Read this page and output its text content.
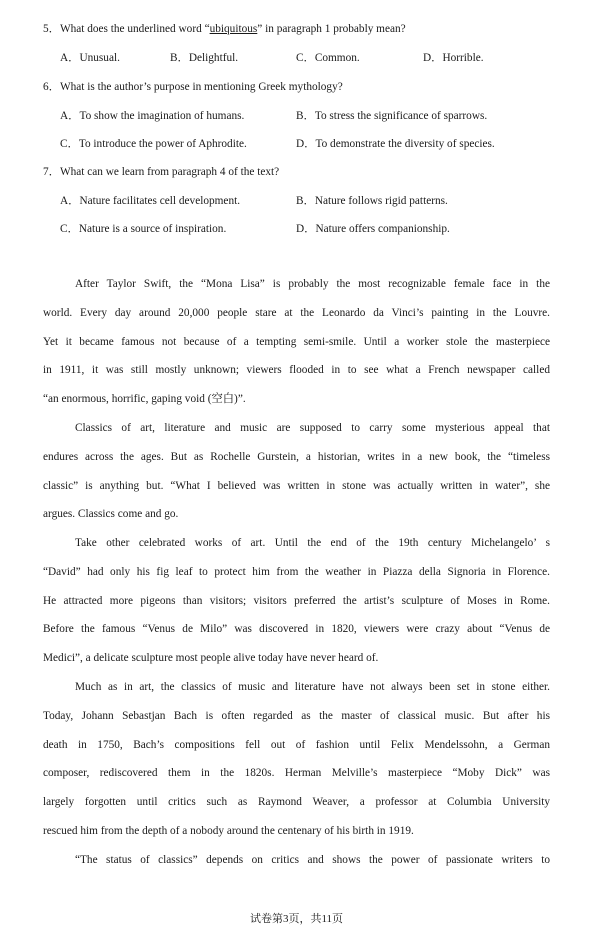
5．What does the underlined word “ubiquitous” in paragraph 1 probably mean?
A．Unusual.	B．Delightful.	C．Common.	D．Horrible.
6．What is the author’s purpose in mentioning Greek mythology?
A．To show the imagination of humans.	B．To stress the significance of sparrows.
C．To introduce the power of Aphrodite.	D．To demonstrate the diversity of species.
7．What can we learn from paragraph 4 of the text?
A．Nature facilitates cell development.	B．Nature follows rigid patterns.
C．Nature is a source of inspiration.	D．Nature offers companionship.
After Taylor Swift, the “Mona Lisa” is probably the most recognizable female face in the
world. Every day around 20,000 people stare at the Leonardo da Vinci’s painting in the Louvre.
Yet it became famous not because of a tempting semi-smile. Until a worker stole the masterpiece
in 1911, it was still mostly unknown; viewers flooded in to see what a French newspaper called
“an enormous, horrific, gaping void (空白)”.
Classics of art, literature and music are supposed to carry some mysterious appeal that
endures across the ages. But as Rochelle Gurstein, a historian, writes in a new book, the “timeless
classic” is anything but. “What I believed was written in stone was actually written in water”, she
argues. Classics come and go.
Take other celebrated works of art. Until the end of the 19th century Michelangelo’ s
“David” had only his fig leaf to protect him from the weather in Piazza della Signoria in Florence.
He attracted more pigeons than visitors; visitors preferred the artist’s sculpture of Moses in Rome.
Before the famous “Venus de Milo” was discovered in 1820, viewers were crazy about “Venus de
Medici”, a delicate sculpture most people alive today have never heard of.
Much as in art, the classics of music and literature have not always been set in stone either.
Today, Johann Sebastjan Bach is often regarded as the master of classical music. But after his
death in 1750, Bach’s compositions fell out of fashion until Felix Mendelssohn, a German
composer, rediscovered them in the 1820s. Herman Melville’s masterpiece “Moby Dick” was
largely forgotten until critics such as Raymond Weaver, a professor at Columbia University
rescued him from the depth of a nobody around the centenary of his birth in 1919.
“The status of classics” depends on critics and shows the power of passionate writers to
试卷第3页，共11页
